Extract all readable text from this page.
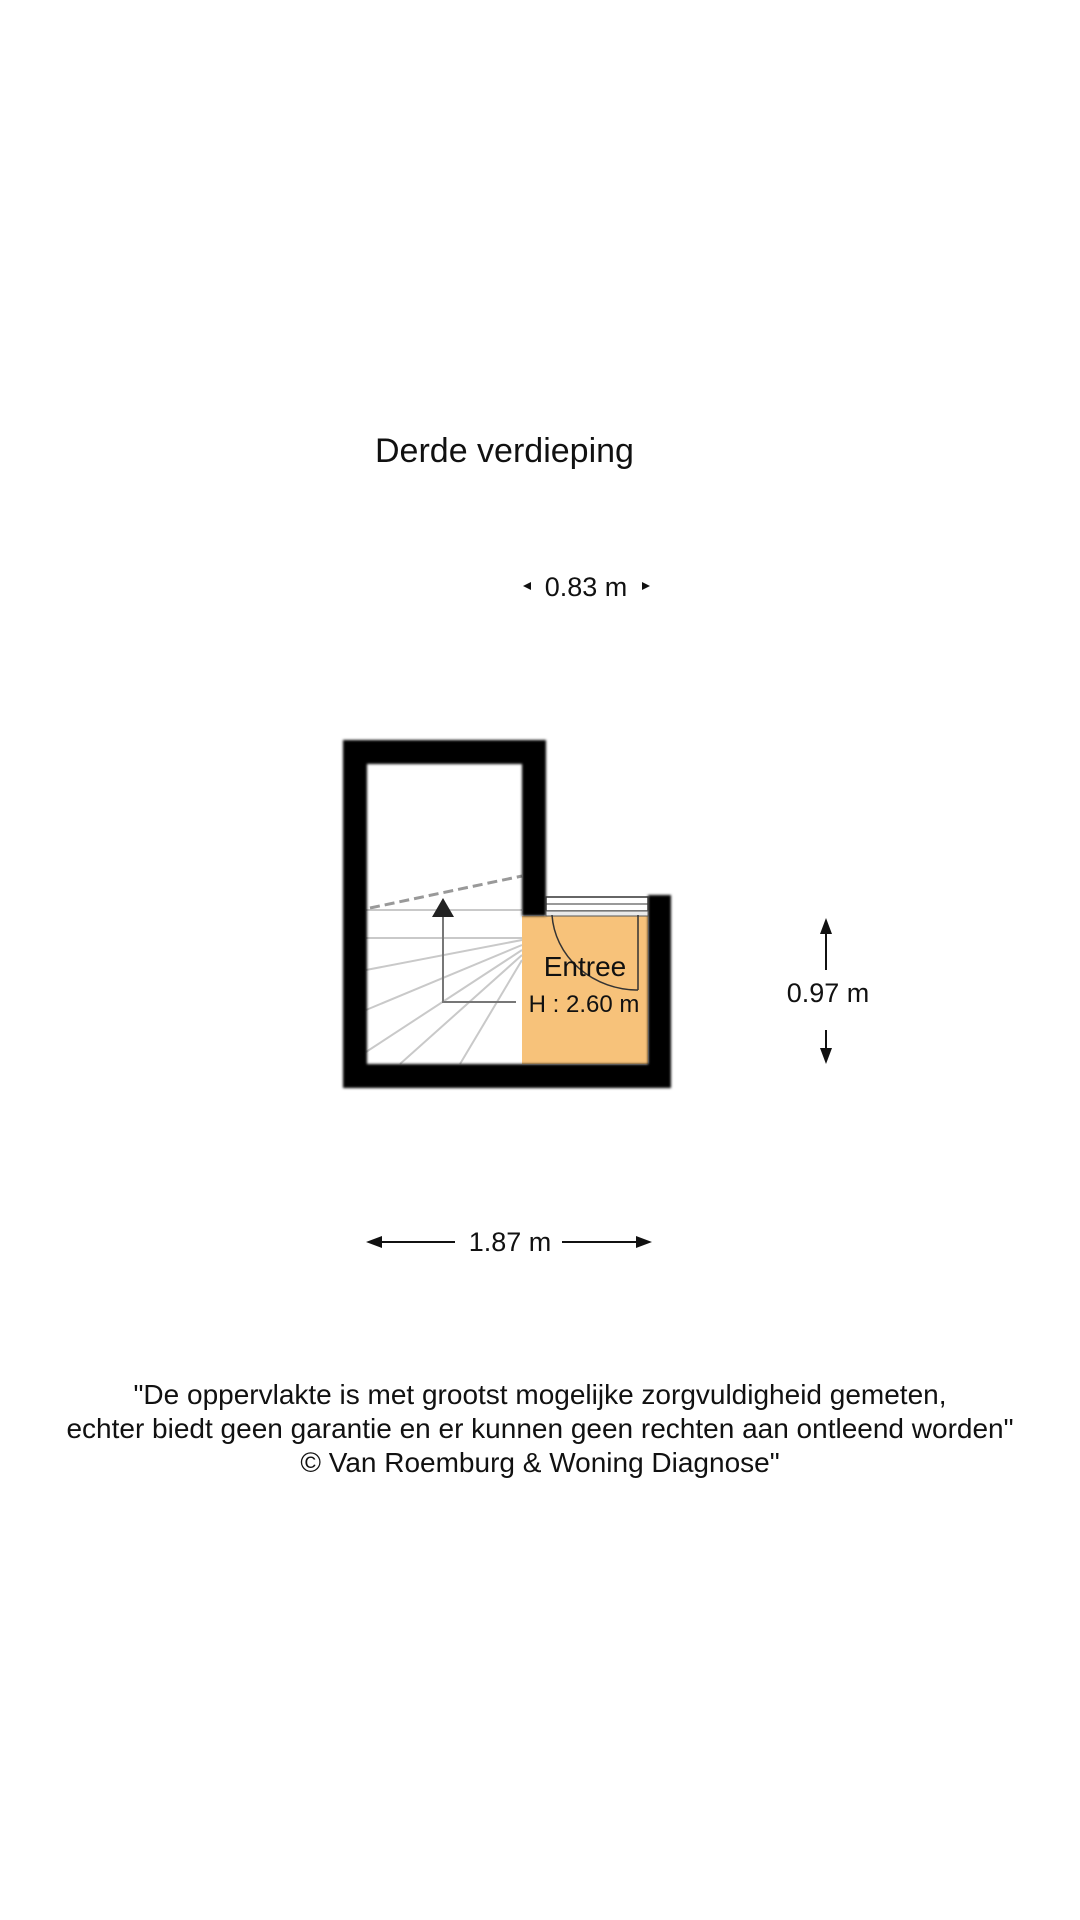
Derde verdieping
0.83 m
Entree
H : 2.60 m	0.97 m
1.87 m
"De oppervlakte is met grootst mogelijke zorgvuldigheid gemeten,
echter biedt geen garantie en er kunnen geen rechten aan ontleend worden"
© Van Roemburg & Woning Diagnose"
